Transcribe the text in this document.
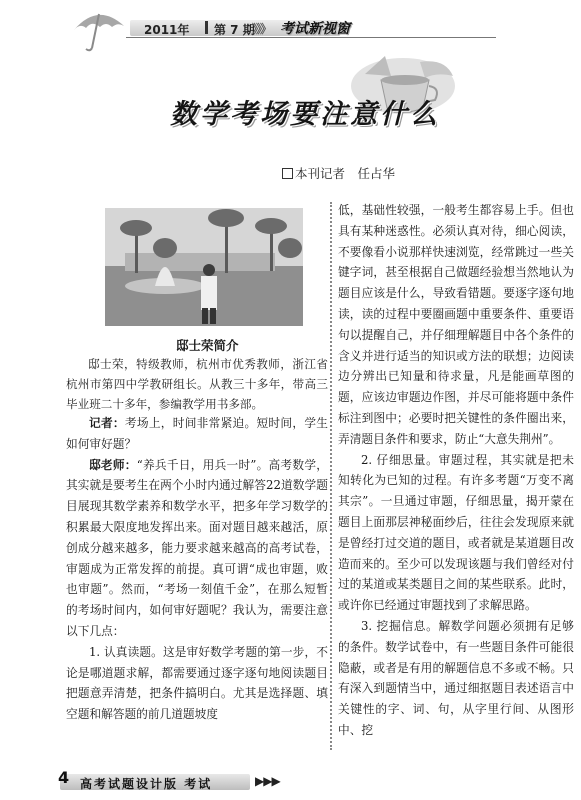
2011年 第 7 期
》》》 考试新视窗
数学考场要注意什么
本刊记者　任占华
邸士荣简介
邸士荣，特级教师，杭州市优秀教师，浙江省杭州市第四中学教研组长。从教三十多年，带高三毕业班二十多年，参编教学用书多部。

记者：考场上，时间非常紧迫。短时间，学生如何审好题？

邸老师：“养兵千日，用兵一时”。高考数学，其实就是要考生在两个小时内通过解答22道数学题目展现其数学素养和数学水平，把多年学习数学的积累最大限度地发挥出来。面对题目越来越活，原创成分越来越多，能力要求越来越高的高考试卷，审题成为正常发挥的前提。真可谓“成也审题，败也审题”。然而，“考场一刻值千金”，在那么短暂的考场时间内，如何审好题呢？我认为，需要注意以下几点：

1. 认真读题。这是审好数学考题的第一步，不论是哪道题求解，都需要通过逐字逐句地阅读题目把题意弄清楚，把条件搞明白。尤其是选择题、填空题和解答题的前几道题坡度

低，基础性较强，一般考生都容易上手。但也具有某种迷惑性。必须认真对待，细心阅读，不要像看小说那样快速浏览，经常跳过一些关键字词，甚至根据自己做题经验想当然地认为题目应该是什么，导致看错题。要逐字逐句地读，读的过程中要圈画题中重要条件、重要语句以提醒自己，并仔细理解题目中各个条件的含义并进行适当的知识或方法的联想；边阅读边分辨出已知量和待求量，凡是能画草图的题，应该边审题边作图，并尽可能将题中条件标注到图中；必要时把关键性的条件圈出来，弄清题目条件和要求，防止“大意失荆州”。

2. 仔细思量。审题过程，其实就是把未知转化为已知的过程。有许多考题“万变不离其宗”。一旦通过审题，仔细思量，揭开蒙在题目上面那层神秘面纱后，往往会发现原来就是曾经打过交道的题目，或者就是某道题目改造而来的。至少可以发现该题与我们曾经对付过的某道或某类题目之间的某些联系。此时，或许你已经通过审题找到了求解思路。

3. 挖掘信息。解数学问题必须拥有足够的条件。数学试卷中，有一些题目条件可能很隐蔽，或者是有用的解题信息不多或不畅。只有深入到题情当中，通过细抠题目表述语言中关键性的字、词、句，从字里行间、从图形中、挖

4 高考试题设计版 考试	▶▶▶
